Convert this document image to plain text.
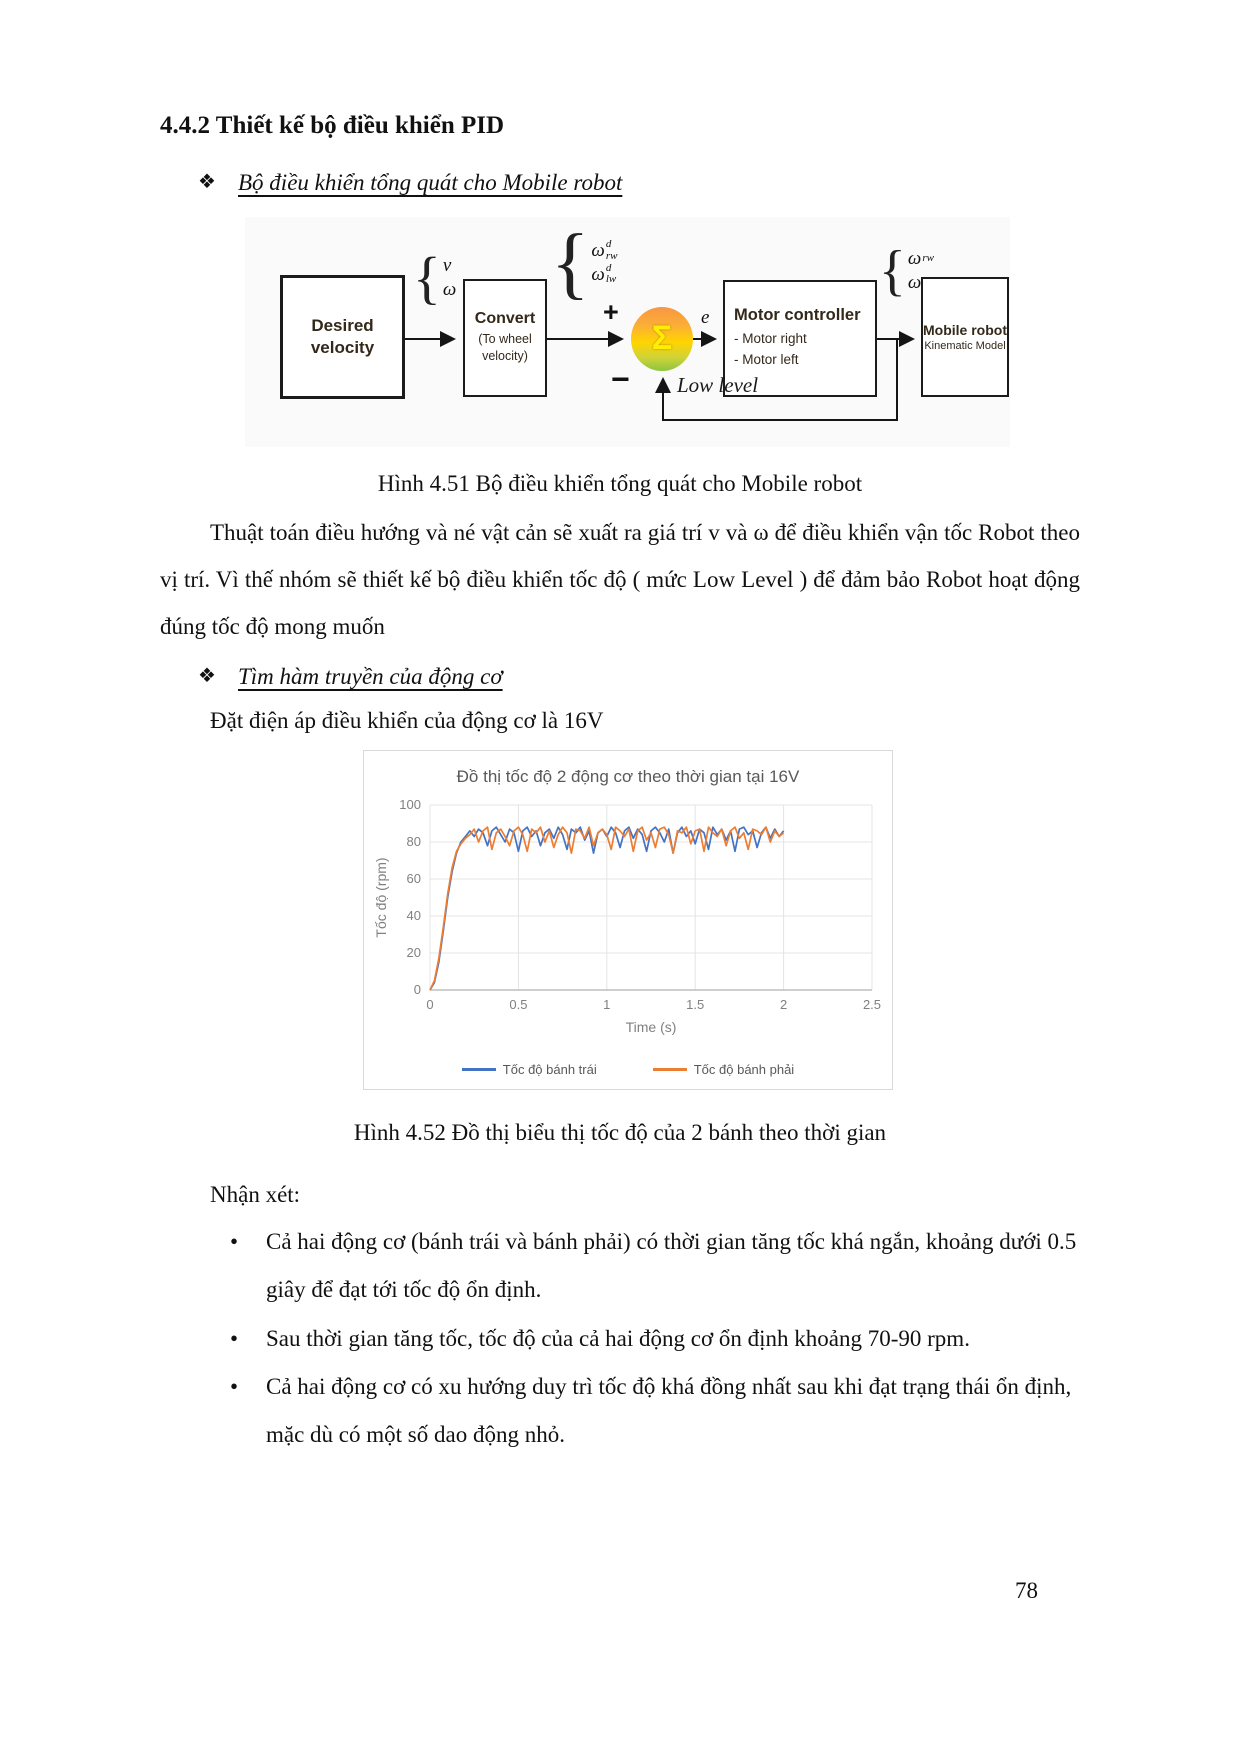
4.4.2 Thiết kế bộ điều khiển PID
❖ Bộ điều khiển tổng quát cho Mobile robot
Desired velocity
{ v
ω
Convert
(To wheel velocity)
{ ω d
rw
ω d
lw
+
Σ
−
e Motor controller
- Motor right
- Motor left
{ ω rw
ω
Mobile robot
Kinematic Model
Low level
Hình 4.51 Bộ điều khiển tổng quát cho Mobile robot
Thuật toán điều hướng và né vật cản sẽ xuất ra giá trí v và ω để điều khiển vận tốc Robot theo vị trí. Vì thế nhóm sẽ thiết kế bộ điều khiển tốc độ ( mức Low Level ) để đảm bảo Robot hoạt động đúng tốc độ mong muốn
❖ Tìm hàm truyền của động cơ
Đặt điện áp điều khiển của động cơ là 16V
Đồ thị tốc độ 2 động cơ theo thời gian tại 16V
0
20
40
60
80
100
0	0.5	1	1.5	2	2.5
Time (s)
Tốc độ (rpm)
Tốc độ bánh trái	Tốc độ bánh phải
Hình 4.52 Đồ thị biểu thị tốc độ của 2 bánh theo thời gian
Nhận xét:
•	Cả hai động cơ (bánh trái và bánh phải) có thời gian tăng tốc khá ngắn, khoảng dưới 0.5 giây để đạt tới tốc độ ổn định.
•	Sau thời gian tăng tốc, tốc độ của cả hai động cơ ổn định khoảng 70-90 rpm.
•	Cả hai động cơ có xu hướng duy trì tốc độ khá đồng nhất sau khi đạt trạng thái ổn định, mặc dù có một số dao động nhỏ.
78
